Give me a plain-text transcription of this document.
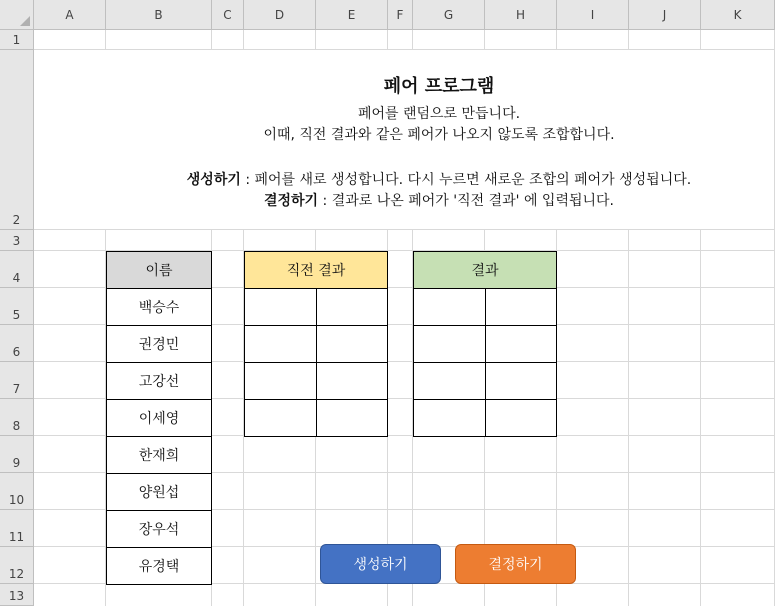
A	B	C	D	E	F	G	H	I	J	K
1
2
3
4
5
6
7
8
9
10
11
12
13
페어 프로그램
페어를 랜덤으로 만듭니다.
이때, 직전 결과와 같은 페어가 나오지 않도록 조합합니다.
생성하기 : 페어를 새로 생성합니다. 다시 누르면 새로운 조합의 페어가 생성됩니다.
결정하기 : 결과로 나온 페어가 '직전 결과' 에 입력됩니다.
이름
백승수
권경민
고강선
이세영
한재희
양원섭
장우석
유경택
직전 결과	결과
생성하기	결정하기
